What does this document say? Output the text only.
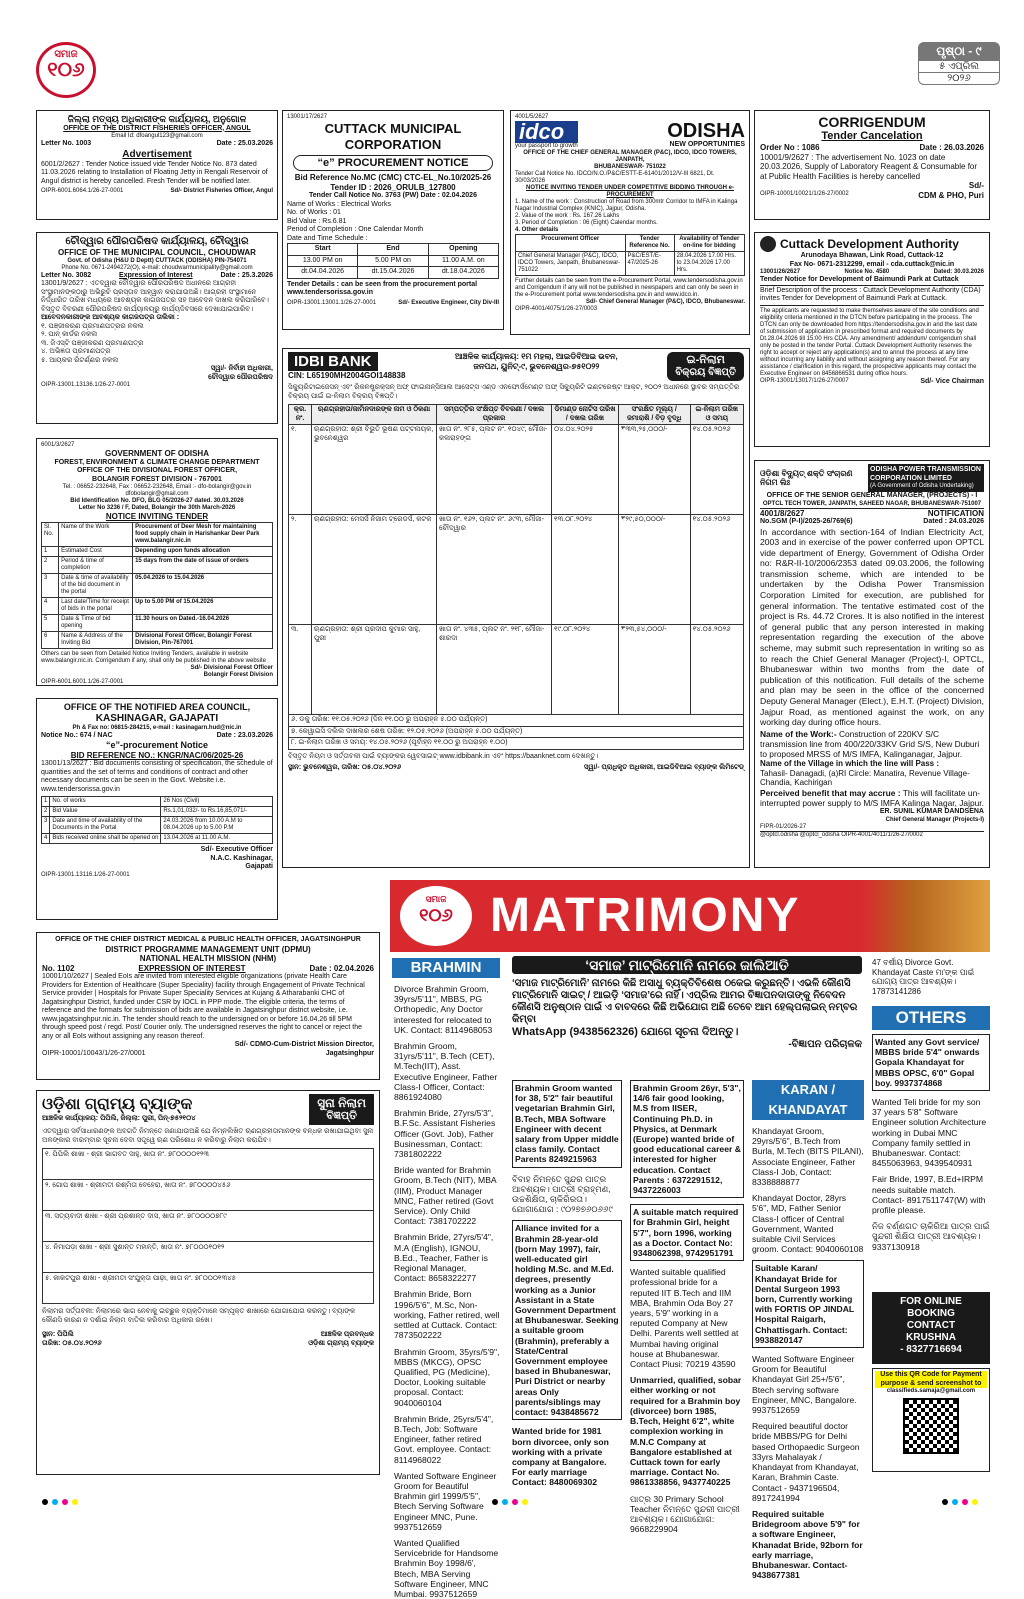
ସମାଜ
୧୦୬
ପୃଷ୍ଠା - ୯
୫ ଏପ୍ରିଲ
୨୦୨୬
ଜିଲ୍ଲା ମତ୍ସ୍ୟ ଅଧିକାରୀଙ୍କ କାର୍ଯ୍ୟାଳୟ, ଅନୁଗୋଳ
OFFICE OF THE DISTRICT FISHERIES OFFICER, ANGUL
Email Id: dfoangul123@gmail.com
Letter No. 1003	Date : 25.03.2026
Advertisement
6001/2/2627 : Tender Notice issued vide Tender Notice No. 873 dated 11.03.2026 relating to Installation of Floating Jetty in Rengali Reservoir of Angul district is hereby cancelled. Fresh Tender will be notified later.
OIPR-6001.6064.1/26-27-0001	Sd/- District Fisheries Officer, Angul
13001/17/2627
CUTTACK MUNICIPAL CORPORATION
“e” PROCUREMENT NOTICE
Bid Reference No.MC (CMC) CTC-EL_No.10/2025-26
Tender ID : 2026_ORULB_127800
Tender Call Notice No. 3763 (PW) Date : 02.04.2026
Name of Works : Electrical Works
No. of Works : 01
Bid Value : Rs.6.81
Period of Completion : One Calendar Month
Date and Time Schedule :
Start	End	Opening
13.00 PM on	5.00 PM on	11.00 A.M. on
dt.04.04.2026	dt.15.04.2026	dt.18.04.2026
Tender Details : can be seen from the procurement portal www.tendersorissa.gov.in
OIPR-13001.13001.1/26-27-0001	Sd/- Executive Engineer, City Div-III
4001/5/2627
idco
your passport to growth
ODISHA
NEW OPPORTUNITIES
OFFICE OF THE CHIEF GENERAL MANAGER (P&C), IDCO, IDCO TOWERS, JANPATH,
BHUBANESWAR- 751022
Tender Call Notice No. IDCO/N.O./P&C/ESTT-E-61401/2012/V-III 6821, Dt. 30/03/2026
NOTICE INVITING TENDER UNDER COMPETITIVE BIDDING THROUGH e-PROCUREMENT
1. Name of the work : Construction of Road from 300mtr Corridor to IMFA in Kalinga Nagar Industrial Complex (KNIC), Jajpur, Odisha.
2. Value of the work : Rs. 167.26 Lakhs
3. Period of Completion : 06 (Eight) Calendar months.
4. Other details
Procurement Officer	Tender Reference No.	Availability of Tender on-line for bidding
Chief General Manager (P&C), IDCO, IDCO Towers, Janpath, Bhubaneswar-751022	P&C/EST/E-47/2025-26	28.04.2026 17.00 Hrs. to 23.04.2026 17.00 Hrs.
Further details can be seen from the e-Procurement Portal, www.tendersodisha.gov.in and Corrigendum if any will not be published in newspapers and can only be seen in the e-Procurement portal www.tendersodisha.gov.in and www.idco.in.
Sd/- Chief General Manager (P&C), IDCO, Bhubaneswar.
OIPR-4001/4075/1/26-27/0003
CORRIGENDUM
Tender Cancelation
Order No : 1086	Date : 26.03.2026
10001/9/2627 : The advertisement No. 1023 on date 20.03.2026, Supply of Laboratory Reagent & Consumable for at Public Health Facilities is hereby cancelled
Sd/-
OIPR-10001/10021/1/26-27/0002	CDM & PHO, Puri
ଚୌଦ୍ୱାର ପୌରପରିଷଦ କାର୍ଯ୍ୟାଳୟ, ଚୌଦ୍ୱାର
OFFICE OF THE MUNICIPAL COUNCIL, CHOUDWAR
Govt. of Odisha (H&U D Deptt) CUTTACK (ODISHA) PIN-754071
Phone No. 0671-2494272(O), e-mail: choudwarmunicipality@gmail.com
Letter No. 3082	Expression of Interest	Date : 25.3.2026
13001/9/2627 : ଏତଦ୍ୱାରା ଚୌଦ୍ୱାର ପୌରପରିଷଦ ଅଧୀନରେ ଆଗ୍ରହୀ ସଂସ୍ଥାମାନଙ୍କଠାରୁ ଅଭିରୁଚି ପ୍ରସ୍ତାବ ଆହ୍ୱାନ କରାଯାଉଅଛି। ଆଗ୍ରହୀ ସଂସ୍ଥାମାନେ ନିର୍ଦ୍ଧାରିତ ତାରିଖ ମଧ୍ୟରେ ଆବଶ୍ୟକ କାଗଜପତ୍ର ସହ ଆବେଦନ ଦାଖଲ କରିପାରିବେ। ବିସ୍ତୃତ ବିବରଣୀ ପୌରପରିଷଦ କାର୍ଯ୍ୟାଳୟରୁ କାର୍ଯ୍ୟଦିବସରେ ଦେଖାଯାଇପାରିବ।
ଆବେଦନକାରୀଙ୍କ ଆବଶ୍ୟକ କାଗଜପତ୍ର ତାଲିକା :
୧. ପଞ୍ଜୀକରଣ ପ୍ରମାଣପତ୍ରର ନକଲ
୨. ପାନ୍ କାର୍ଡର ନକଲ
୩. ଜିଏସ୍‌ଟି ପଞ୍ଜୀକରଣ ପ୍ରମାଣପତ୍ର
୪. ଅଭିଜ୍ଞତା ପ୍ରମାଣପତ୍ର
୫. ଆୟକର ରିଟର୍ଣ୍ଣର ନକଲ
ସ୍ୱା/- ନିର୍ବାହୀ ଅଧିକାରୀ,
ଚୌଦ୍ୱାର ପୌରପରିଷଦ
OIPR-13001.13136.1/26-27-0001
Cuttack Development Authority
Arunodaya Bhawan, Link Road, Cuttack-12
Fax No- 0671-2312299, email - cda.cuttack@nic.in
13001/26/2627	Notice No. 4580	Dated: 30.03.2026
Tender Notice for Development of Baimundi Park at Cuttack
Brief Description of the process : Cuttack Development Authority (CDA) invites Tender for Development of Baimundi Park at Cuttack.
The applicants are requested to make themselves aware of the site conditions and eligibility criteria mentioned in the DTCN before participating in the process. The DTCN can only be downloaded from https://tendersodisha.gov.in and the last date of submission of application in prescribed format and required documents by Dt.28.04.2026 till 15:00 Hrs CDA. Any amendment/ addendum/ corrigendum shall only be posted in the tender Portal. Cuttack Development Authority reserves the right to accept or reject any application(s) and to annul the process at any time without incurring any liability and without assigning any reason thereof. For any assistance / clarification in this regard, the prospective applicants may contact the Executive Engineer on 8456866531 during office hours.
OIPR-13001/13017/1/26-27/0007	Sd/- Vice Chairman
IDBI BANK
CIN: L65190MH2004GOI148838
ଆଞ୍ଚଳିକ କାର୍ଯ୍ୟାଳୟ: ୧ମ ମହଲା, ଆଇଡିବିଆଇ ଭବନ, ଜନପଥ, ୟୁନିଟ୍-୯, ଭୁବନେଶ୍ୱର-୭୫୧୦୨୨	ଇ-ନିଲାମ
ବିକ୍ରୟ ବିଜ୍ଞପ୍ତି
ସିକ୍ୟୁରିଟାଇଜେସନ୍ ଏବଂ ରିକନଷ୍ଟ୍ରକ୍ସନ୍ ଅଫ୍ ଫାଇନାନ୍ସିଆଲ ଆସେଟ୍ସ ଏଣ୍ଡ ଏନଫୋର୍ସମେଣ୍ଟ ଅଫ୍ ସିକ୍ୟୁରିଟି ଇଣ୍ଟରେଷ୍ଟ ଆକ୍ଟ, ୨୦୦୨ ଅଧୀନରେ ସ୍ଥାବର ସମ୍ପତ୍ତିର ବିକ୍ରୟ ପାଇଁ ଇ-ନିଲାମ ବିକ୍ରୟ ବିଜ୍ଞପ୍ତି।
କ୍ର. ନଂ.	ଋଣଗ୍ରହୀତା/ଜାମିନଦାରଙ୍କ ନାମ ଓ ଠିକଣା	ସମ୍ପତ୍ତିର ସଂକ୍ଷିପ୍ତ ବିବରଣୀ / ଦଖଲ ପ୍ରକାର	ଡିମାଣ୍ଡ ନୋଟିସ ତାରିଖ / ଦଖଲ ତାରିଖ	ସଂରକ୍ଷିତ ମୂଲ୍ୟ / ଜମାରାଶି / ବିଡ଼ ବୃଦ୍ଧି	ଇ-ନିଲାମ ତାରିଖ ଓ ସମୟ
୧.	ଋଣଗ୍ରହୀତା: ଶ୍ରୀ ବିଭୁତି ଭୂଷଣ ପଟ୍ଟନାୟକ, ଭୁବନେଶ୍ୱର	ଖାତା ନଂ. ୨୮୫, ପ୍ଲଟ ନଂ. ୧୦୪୯, ମୌଜା- କଳାରାହଙ୍ଗ	୦୪.୦୪.୨୦୨୫	₹୩୩,୨୫,୦୦୦/-	୧୪.୦୫.୨୦୨୬
୨.	ଋଣଗ୍ରହୀତା: ମେସର୍ସ ନିଜାମ ଟ୍ରେଡର୍ସ, କଟକ	ଖାତା ନଂ. ୧୬୨, ପ୍ଲଟ ନଂ. ୬୯୩, ମୌଜା- ଚୌଦ୍ୱାର	୧୩.୦୮.୨୦୨୪	₹୨୯,୫୦,୦୦୦/-	୧୪.୦୫.୨୦୨୬
୩.	ଋଣଗ୍ରହୀତା: ଶ୍ରୀ ପ୍ରଦୀପ କୁମାର ସାହୁ, ପୁରୀ	ଖାତା ନଂ. ୪୩୫, ପ୍ଲଟ ନଂ. ୨୧୮, ମୌଜା- ଶାରଦା	୧୯.୦୮.୨୦୨୪	₹୨୩,୫୪,୦୦୦/-	୧୪.୦୫.୨୦୨୬
୬. ଡକୁ ତାରିଖ: ୧୧.୦୫.୨୦୨୬ (ଦିନ ୧୧.୦୦ ରୁ ଅପରାହ୍ନ ୫.୦୦ ପର୍ଯ୍ୟନ୍ତ)
୭. କେୱାଇସି ଦଲିଲ ଦାଖଲର ଶେଷ ତାରିଖ: ୧୨.୦୫.୨୦୨୬ (ଅପରାହ୍ନ ୫.୦୦ ପର୍ଯ୍ୟନ୍ତ)
୮. ଇ-ନିଲାମ ତାରିଖ ଓ ସମୟ: ୧୪.୦୫.୨୦୨୬ (ପୂର୍ବାହ୍ନ ୧୧.୦୦ ରୁ ଅପରାହ୍ନ ୧.୦୦)
ବିସ୍ତୃତ ନିୟମ ଓ ସର୍ତ୍ତାବଳୀ ପାଇଁ ବ୍ୟାଙ୍କର ୱେବସାଇଟ୍ www.idbibank.in ଏବଂ https://baanknet.com ଦେଖନ୍ତୁ।
ସ୍ଥାନ: ଭୁବନେଶ୍ୱର, ତାରିଖ: ୦୫.୦୪.୨୦୨୬	ସ୍ୱା/- ପ୍ରାଧିକୃତ ଅଧିକାରୀ, ଆଇଡିବିଆଇ ବ୍ୟାଙ୍କ ଲିମିଟେଡ୍
6001/3/2627
GOVERNMENT OF ODISHA
FOREST, ENVIRONMENT & CLIMATE CHANGE DEPARTMENT
OFFICE OF THE DIVISIONAL FOREST OFFICER,
BOLANGIR FOREST DIVISION - 767001
Tel. : 06652-232648, Fax : 06652-232648, Email :- dfo-bolangir@gov.in dfobolangir@gmail.com
Bid Identification No. DFO, BLG 05/2026-27 dated. 30.03.2026
Letter No 3236 / F, Dated, Bolangir the 30th March-2026
NOTICE INVITING TENDER
Sl. No.	Name of the Work	Procurement of Deer Mesh for maintaining food supply chain in Harishankar Deer Park www.balangir.nic.in
1	Estimated Cost	Depending upon funds allocation
2	Period & time of completion	15 days from the date of issue of orders
3	Date & time of availability of the bid document in the portal	05.04.2026 to 15.04.2026
4	Last date/Time for receipt of bids in the portal	Up to 5.00 PM of 15.04.2026
5	Date & Time of bid opening	11.30 hours on Dated.-16.04.2026
6	Name & Address of the Inviting Bid	Divisional Forest Officer, Bolangir Forest Division, Pin-767001
Others can be seen from Detailed Notice Inviting Tenders, available in website www.balangir.nic.in. Corrigendum if any, shall only be published in the above website
Sd/- Divisional Forest Officer
Bolangir Forest Division
OIPR-6001.6001.1/26-27-0001
ଓଡ଼ିଶା ବିଦ୍ୟୁତ୍ ଶକ୍ତି ସଂଚାରଣ ନିଗମ ଲିଃ
ODISHA POWER TRANSMISSION CORPORATION LIMITED
(A Government of Odisha Undertaking)
OFFICE OF THE SENIOR GENERAL MANAGER, (PROJECTS) - I
OPTCL TECH TOWER, JANPATH, SAHEED NAGAR, BHUBANESWAR-751007
4001/8/2627	NOTIFICATION
No.SGM (P-I)/2025-26/769(6)	Dated : 24.03.2026
In accordance with section-164 of Indian Electricity Act, 2003 and in exercise of the power conferred upon OPTCL vide department of Energy, Government of Odisha Order no: R&R-II-10/2006/2353 dated 09.03.2006, the following transmission scheme, which are intended to be undertaken by the Odisha Power Transmission Corporation Limited for execution, are published for general information. The tentative estimated cost of the project is Rs. 44.72 Crores. It is also notified in the interest of general public that any person interested in making representation regarding the execution of the above scheme, may submit such representation in writing so as to reach the Chief General Manager (Project)-I, OPTCL, Bhubaneswar within two months from the date of publication of this notification. Full details of the scheme and plan may be seen in the office of the concerned Deputy General Manager (Elect.), E.H.T. (Project) Division, Jajpur Road, as mentioned against the work, on any working day during office hours.
Name of the Work:- Construction of 220KV S/C transmission line from 400/220/33KV Grid S/S, New Duburi to proposed MRSS of M/S IMFA, Kalinganagar, Jajpur.
Name of the Village in which the line will Pass :
Tahasil- Danagadi, (a)RI Circle: Manatira, Revenue Village- Chandia, Kachirigan
Perceived benefit that may accrue : This will facilitate un-interrupted power supply to M/S IMFA Kalinga Nagar, Jajpur.
ER. SUNIL KUMAR DANDSENA
Chief General Manager (Projects-I)
FIPR-01/2026-27
@optcl.odisha @optcl_odisha OIPR-4001/4011/1/26-27/0002
OFFICE OF THE NOTIFIED AREA COUNCIL,
KASHINAGAR, GAJAPATI
Ph & Fax no: 06815-284215, e-mail : kasinagarn.hud@nic.in
Notice No.: 674 / NAC	Date : 23.03.2026
“e”-procurement Notice
BID REFERENCE NO.: KNGR/NAC/06/2025-26
13001/13/2627 : Bid documents consisting of specification, the schedule of quantities and the set of terms and conditions of contract and other necessary documents can be seen in the Govt. Website i.e. www.tendersorissa.gov.in
1	No. of works	26 Nos (Civil)
2	Bid Value	Rs.1,01,032/- to Rs.16,85,071/-
3	Date and time of availability of the Documents in the Portal	24.03.2026 from 10.00 A.M to 08.04.2026 up to 5.00 P.M
4	Bids received online shall be opened on	13.04.2026 at 11.00 A.M.
Sd/- Executive Officer
N.A.C. Kashinagar,
Gajapati
OIPR-13001.13116.1/26-27-0001
OFFICE OF THE CHIEF DISTRICT MEDICAL & PUBLIC HEALTH OFFICER, JAGATSINGHPUR
DISTRICT PROGRAMME MANAGEMENT UNIT (DPMU)
NATIONAL HEALTH MISSION (NHM)
No. 1102	EXPRESSION OF INTEREST	Date : 02.04.2026
10001/10/2627 | Sealed EoIs are invited from interested eligible organizations (private Health Care Providers for Extention of Healthcare (Super Speciality) facility through Engagement of Private Technical Service provider | Hospitals for Private Super Speciality Services at Kujang & Atharabanki CHC of Jagatsinghpur District, funded under CSR by IOCL in PPP mode. The eligible criteria, the terms of reference and the formats for submission of bids are available in Jagatsinghpur district website, i.e. www.jagatsinghpur.nic.in. The tender should reach to the undersigned on or before 16.04.26 till 5PM through speed post / regd. Post/ Courier only. The undersigned reserves the right to cancel or reject the any or all EoIs without assigning any reason thereof.
Sd/- CDMO-Cum-District Mission Director,
OIPR-10001/10043/1/26-27/0001	Jagatsinghpur
ଓଡ଼ିଶା ଗ୍ରାମ୍ୟ ବ୍ୟାଙ୍କ
ଆଞ୍ଚଳିକ କାର୍ଯ୍ୟାଳୟ: ପିପିଲି, ଜିଲ୍ଲା: ପୁରୀ, ପିନ୍-୭୫୨୧୦୪
ସୁନା ନିଲାମ
ବିଜ୍ଞପ୍ତି
ଏତଦ୍ୱାରା ସର୍ବସାଧାରଣଙ୍କ ଅବଗତି ନିମନ୍ତେ ଜଣାଯାଉଅଛି ଯେ ନିମ୍ନଲିଖିତ ଋଣଗ୍ରହୀତାମାନଙ୍କ ବନ୍ଧକ ରଖାଯାଇଥିବା ସୁନା ଅଳଙ୍କାର ବାରମ୍ବାର ସୂଚନା ଦେବା ସତ୍ତ୍ୱେ ଋଣ ପରିଶୋଧ ନ କରିବାରୁ ନିଲାମ କରାଯିବ।
୧. ପିପିଲି ଶାଖା - ଶ୍ରୀ ଭାଗବତ ସାହୁ, ଖାତା ନଂ. ୭୮୦୦୦୦୧୨୩
୨. ଗୋପ ଶାଖା - ଶ୍ରୀମତୀ ରଶ୍ମିତା ବେହେରା, ଖାତା ନଂ. ୭୮୦୦୦୦୪୫୬
୩. ସତ୍ୟବାଦୀ ଶାଖା - ଶ୍ରୀ ପ୍ରଶାନ୍ତ ଦାସ, ଖାତା ନଂ. ୭୮୦୦୦୦୭୮୯
୪. ନିମାପଡ଼ା ଶାଖା - ଶ୍ରୀ ସୁଶାନ୍ତ ମହାନ୍ତି, ଖାତା ନଂ. ୭୮୦୦୦୧୦୧୨
୫. କାକଟପୁର ଶାଖା - ଶ୍ରୀମତୀ ସଂଯୁକ୍ତା ପାଢ଼ୀ, ଖାତା ନଂ. ୭୮୦୦୦୧୩୪୫
ନିଲାମର ସର୍ତ୍ତାବଳୀ: ନିଲାମରେ ଭାଗ ନେବାକୁ ଇଚ୍ଛୁକ ବ୍ୟକ୍ତିମାନେ ସମ୍ପୃକ୍ତ ଶାଖାରେ ଯୋଗାଯୋଗ କରନ୍ତୁ। ବ୍ୟାଙ୍କ କୌଣସି କାରଣ ନ ଦର୍ଶାଇ ନିଲାମ ବାତିଲ କରିବାର ଅଧିକାର ରଖେ।
ସ୍ଥାନ: ପିପିଲି
ତାରିଖ: ୦୫.୦୪.୨୦୨୬
ଆଞ୍ଚଳିକ ପ୍ରବନ୍ଧକ
ଓଡ଼ିଶା ଗ୍ରାମ୍ୟ ବ୍ୟାଙ୍କ
ସମାଜ
୧୦୬ MATRIMONY
BRAHMIN	‘ସମାଜ’ ମାଟ୍ରିମୋନି ନାମରେ ଜାଲିଆତି
‘ସମାଜ ମାଟ୍ରିମୋନି’ ନାମରେ କିଛି ଅସାଧୁ ବ୍ୟକ୍ତିବିଶେଷ ଠକେଇ କରୁଛନ୍ତି। ଏଭଳି କୌଣସି ମାଟ୍ରିମୋନି ସାଇଟ୍ / ଆଇଡ଼ି ‘ସମାଜ’ରେ ନାହିଁ। ଏପ୍ରିଲ ଆମର ବିଜ୍ଞାପନଦାତାଙ୍କୁ ନିବେଦନ କୌଣସି ଅନୁଷ୍ଠାନ ପାଇଁ ଏ ବାବଦରେ କିଛି ଅଭିଯୋଗ ଅଛି ତେବେ ଆମ ହେଲ୍ପଲାଇନ୍ ନମ୍ବର କିମ୍ବା
WhatsApp (9438562326) ଯୋଗେ ସୂଚନା ଦିଅନ୍ତୁ।
-ବିଜ୍ଞାପନ ପରିଚାଳକ

Divorce Brahmin Groom, 39yrs/5'11", MBBS, PG Orthopedic, Any Doctor interested for relocated to UK. Contact: 8114968053

Brahmin Groom, 31yrs/5'11", B.Tech (CET), M.Tech(IIT), Asst. Executive Engineer, Father Class-I Officer, Contact: 8861924080

Brahmin Bride, 27yrs/5'3", B.F.Sc. Assistant Fisheries Officer (Govt. Job), Father Businessman, Contact: 7381802222

Bride wanted for Brahmin Groom, B.Tech (NIT), MBA (IIM), Product Manager MNC, Father retired (Govt Service). Only Child Contact: 7381702222

Brahmin Bride, 27yrs/5'4", M.A (English), IGNOU, B.Ed., Teacher, Father is Regional Manager, Contact: 8658322277

Brahmin Bride, Born 1996/5'6", M.Sc, Non-working, Father retired, well settled at Cuttack. Contact: 7873502222

Brahmin Groom, 35yrs/5'9", MBBS (MKCG), OPSC Qualified, PG (Medicine), Doctor, Looking suitable proposal. Contact: 9040060104

Brahmin Bride, 25yrs/5'4", B.Tech, Job: Software Engineer, father retired Govt. employee. Contact: 8114968022

Wanted Software Engineer Groom for Beautiful Brahmin girl 1999/5'5", Btech Serving Software Engineer MNC, Pune. 9937512659

Wanted Qualified Servicebride for Handsome Brahmin Boy 1998/6', Btech, MBA Serving Software Engineer, MNC Mumbai. 9937512659

Brahmin Groom wanted for 38, 5'2" fair beautiful vegetarian Brahmin Girl, B.Tech, MBA Software Engineer with decent salary from Upper middle class family. Contact Parents 8249215963

ବିବାହ ନିମନ୍ତେ ସୁନ୍ଦର ପାତ୍ର ଆବଶ୍ୟକ। ପାତ୍ରୀ ବ୍ରାହ୍ମଣ, ଉଚ୍ଚଶିକ୍ଷିତା, ଚାକିରିରତା। ଯୋଗାଯୋଗ : ୯୦୨୭୭୬୦୬୬୯

Alliance invited for a Brahmin 28-year-old (born May 1997), fair, well-educated girl holding M.Sc. and M.Ed. degrees, presently working as a Junior Assistant in a State Government Department at Bhubaneswar. Seeking a suitable groom (Brahmin), preferably a State/Central Government employee based in Bhubaneswar, Puri District or nearby areas Only parents/siblings may contact: 9438485672

Wanted bride for 1981 born divorcee, only son working with a private company at Bangalore. For early marriage Contact: 8480069302

Brahmin Groom 26yr, 5'3", 14/6 fair good looking, M.S from IISER, Continuing Ph.D. in Physics, at Denmark (Europe) wanted bride of good educational career & interested for higher education. Contact Parents : 6372291512, 9437226003

A suitable match required for Brahmin Girl, height 5'7", born 1996, working as a Doctor. Contact No: 9348062398, 9742951791

Wanted suitable qualified professional bride for a reputed IIT B.Tech and IIM MBA, Brahmin Oda Boy 27 years, 5'9" working in a reputed Company at New Delhi. Parents well settled at Mumbai having original house at Bhubaneswar. Contact Piusi: 70219 43590

Unmarried, qualified, sobar either working or not required for a Brahmin boy (divorcee) born 1985, B.Tech, Height 6'2", white complexion working in M.N.C Company at Bangalore established at Cuttack town for early marriage. Contact No. 9861338856, 9437740225

ପାତ୍ର 30 Primary School Teacher ନିମନ୍ତେ ସୁନ୍ଦରୀ ପାତ୍ରୀ ଆବଶ୍ୟକ। ଯୋଗାଯୋଗ: 9668229904

KARAN / KHANDAYAT

Khandayat Groom, 29yrs/5'6", B.Tech from Burla, M.Tech (BITS PILANI), Associate Engineer, Father Class-I Job, Contact: 8338888877

Khandayat Doctor, 28yrs 5'6", MD, Father Senior Class-I officer of Central Government, Wanted suitable Civil Services groom. Contact: 9040060108

Suitable Karan/ Khandayat Bride for Dental Surgeon 1993 born, Currently working with FORTIS OP JINDAL Hospital Raigarh, Chhattisgarh. Contact: 9938820147

Wanted Software Engineer Groom for Beautiful Khandayat Girl 25+/5'6", Btech serving software Engineer, MNC, Bangalore. 9937512659

Required beautiful doctor bride MBBS/PG for Delhi based Orthopaedic Surgeon 33yrs Mahalayak / Khandayat from Khandayat, Karan, Brahmin Caste. Contact - 9437196504, 8917241994

Required suitable Bridegroom above 5'9" for a software Engineer, Khanadat Bride, 92born for early marriage, Bhubaneswar. Contact- 9438677381

47 ବର୍ଷୀୟ Divorce Govt. Khandayat Caste ମା'ଙ୍କ ପାଇଁ ଯୋଗ୍ୟ ପାତ୍ର ଆବଶ୍ୟକ। 17873141286
OTHERS

Wanted any Govt service/ MBBS bride 5'4" onwards Gopala Khandayat for MBBS OPSC, 6'0" Gopal boy. 9937374868

Wanted Teli bride for my son 37 years 5'8" Software Engineer solution Architecture working in Dubai MNC Company family settled in Bhubaneswar. Contact: 8455063963, 9439540931

Fair Bride, 1997, B.Ed+IRPM needs suitable match. Contact- 8917511747(W) with profile please.

ନିଜ ବର୍ଣ୍ଣଗତ ଚାକିରିଆ ପାତ୍ର ପାଇଁ ସୁନ୍ଦରୀ ଶିକ୍ଷିତା ପାତ୍ରୀ ଆବଶ୍ୟକ। 9337130918

FOR ONLINE
BOOKING
CONTACT
KRUSHNA
- 8327716694
Use this QR Code for Payment purpose & send screenshot to
classifieds.samaja@gmail.com
